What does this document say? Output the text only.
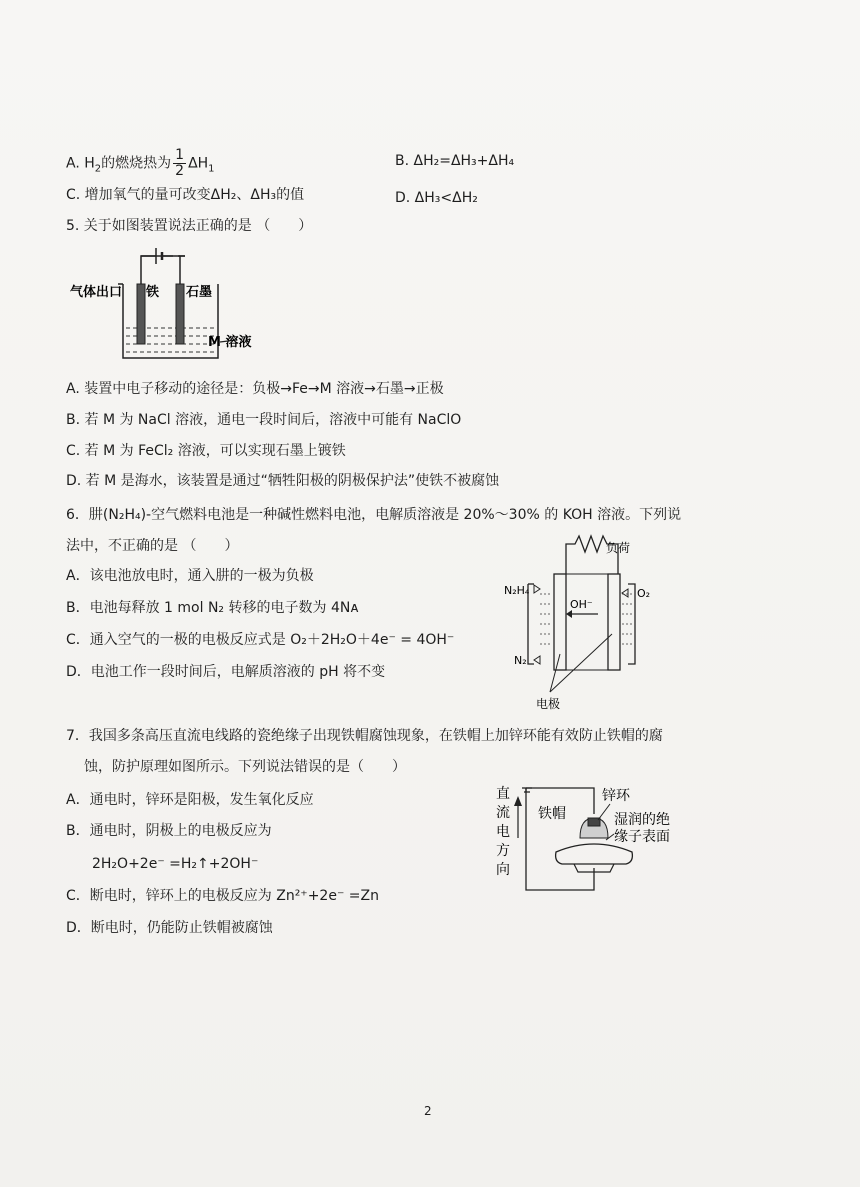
A. $H_2$的燃烧热为 $\frac{1}{2} \Delta H_1$	B. ΔH₂=ΔH₃+ΔH₄
C. 增加氧气的量可改变ΔH₂、ΔH₃的值	D. ΔH₃<ΔH₂
5. 关于如图装置说法正确的是 （　　）
气体出口 铁 石墨
M 溶液
A. 装置中电子移动的途径是：负极→Fe→M 溶液→石墨→正极
B. 若 M 为 NaCl 溶液，通电一段时间后，溶液中可能有 NaClO
C. 若 M 为 FeCl₂ 溶液，可以实现石墨上镀铁
D. 若 M 是海水，该装置是通过“牺牲阳极的阴极保护法”使铁不被腐蚀
6．肼(N₂H₄)-空气燃料电池是一种碱性燃料电池，电解质溶液是 20%～30% 的 KOH 溶液。下列说
法中，不正确的是 （　　）
A．该电池放电时，通入肼的一极为负极
B．电池每释放 1 mol N₂ 转移的电子数为 4Nᴀ
C．通入空气的一极的电极反应式是 O₂＋2H₂O＋4e⁻ = 4OH⁻
D．电池工作一段时间后，电解质溶液的 pH 将不变
负荷
OH⁻
N₂H₄	O₂
N₂
电极
7．我国多条高压直流电线路的瓷绝缘子出现铁帽腐蚀现象，在铁帽上加锌环能有效防止铁帽的腐
蚀，防护原理如图所示。下列说法错误的是（　　）
A．通电时，锌环是阳极，发生氧化反应
B．通电时，阴极上的电极反应为
2H₂O+2e⁻ =H₂↑+2OH⁻
C．断电时，锌环上的电极反应为 Zn²⁺+2e⁻ =Zn
D．断电时，仍能防止铁帽被腐蚀
直
流
电
方
向
铁帽
锌环
湿润的绝
缘子表面
2
